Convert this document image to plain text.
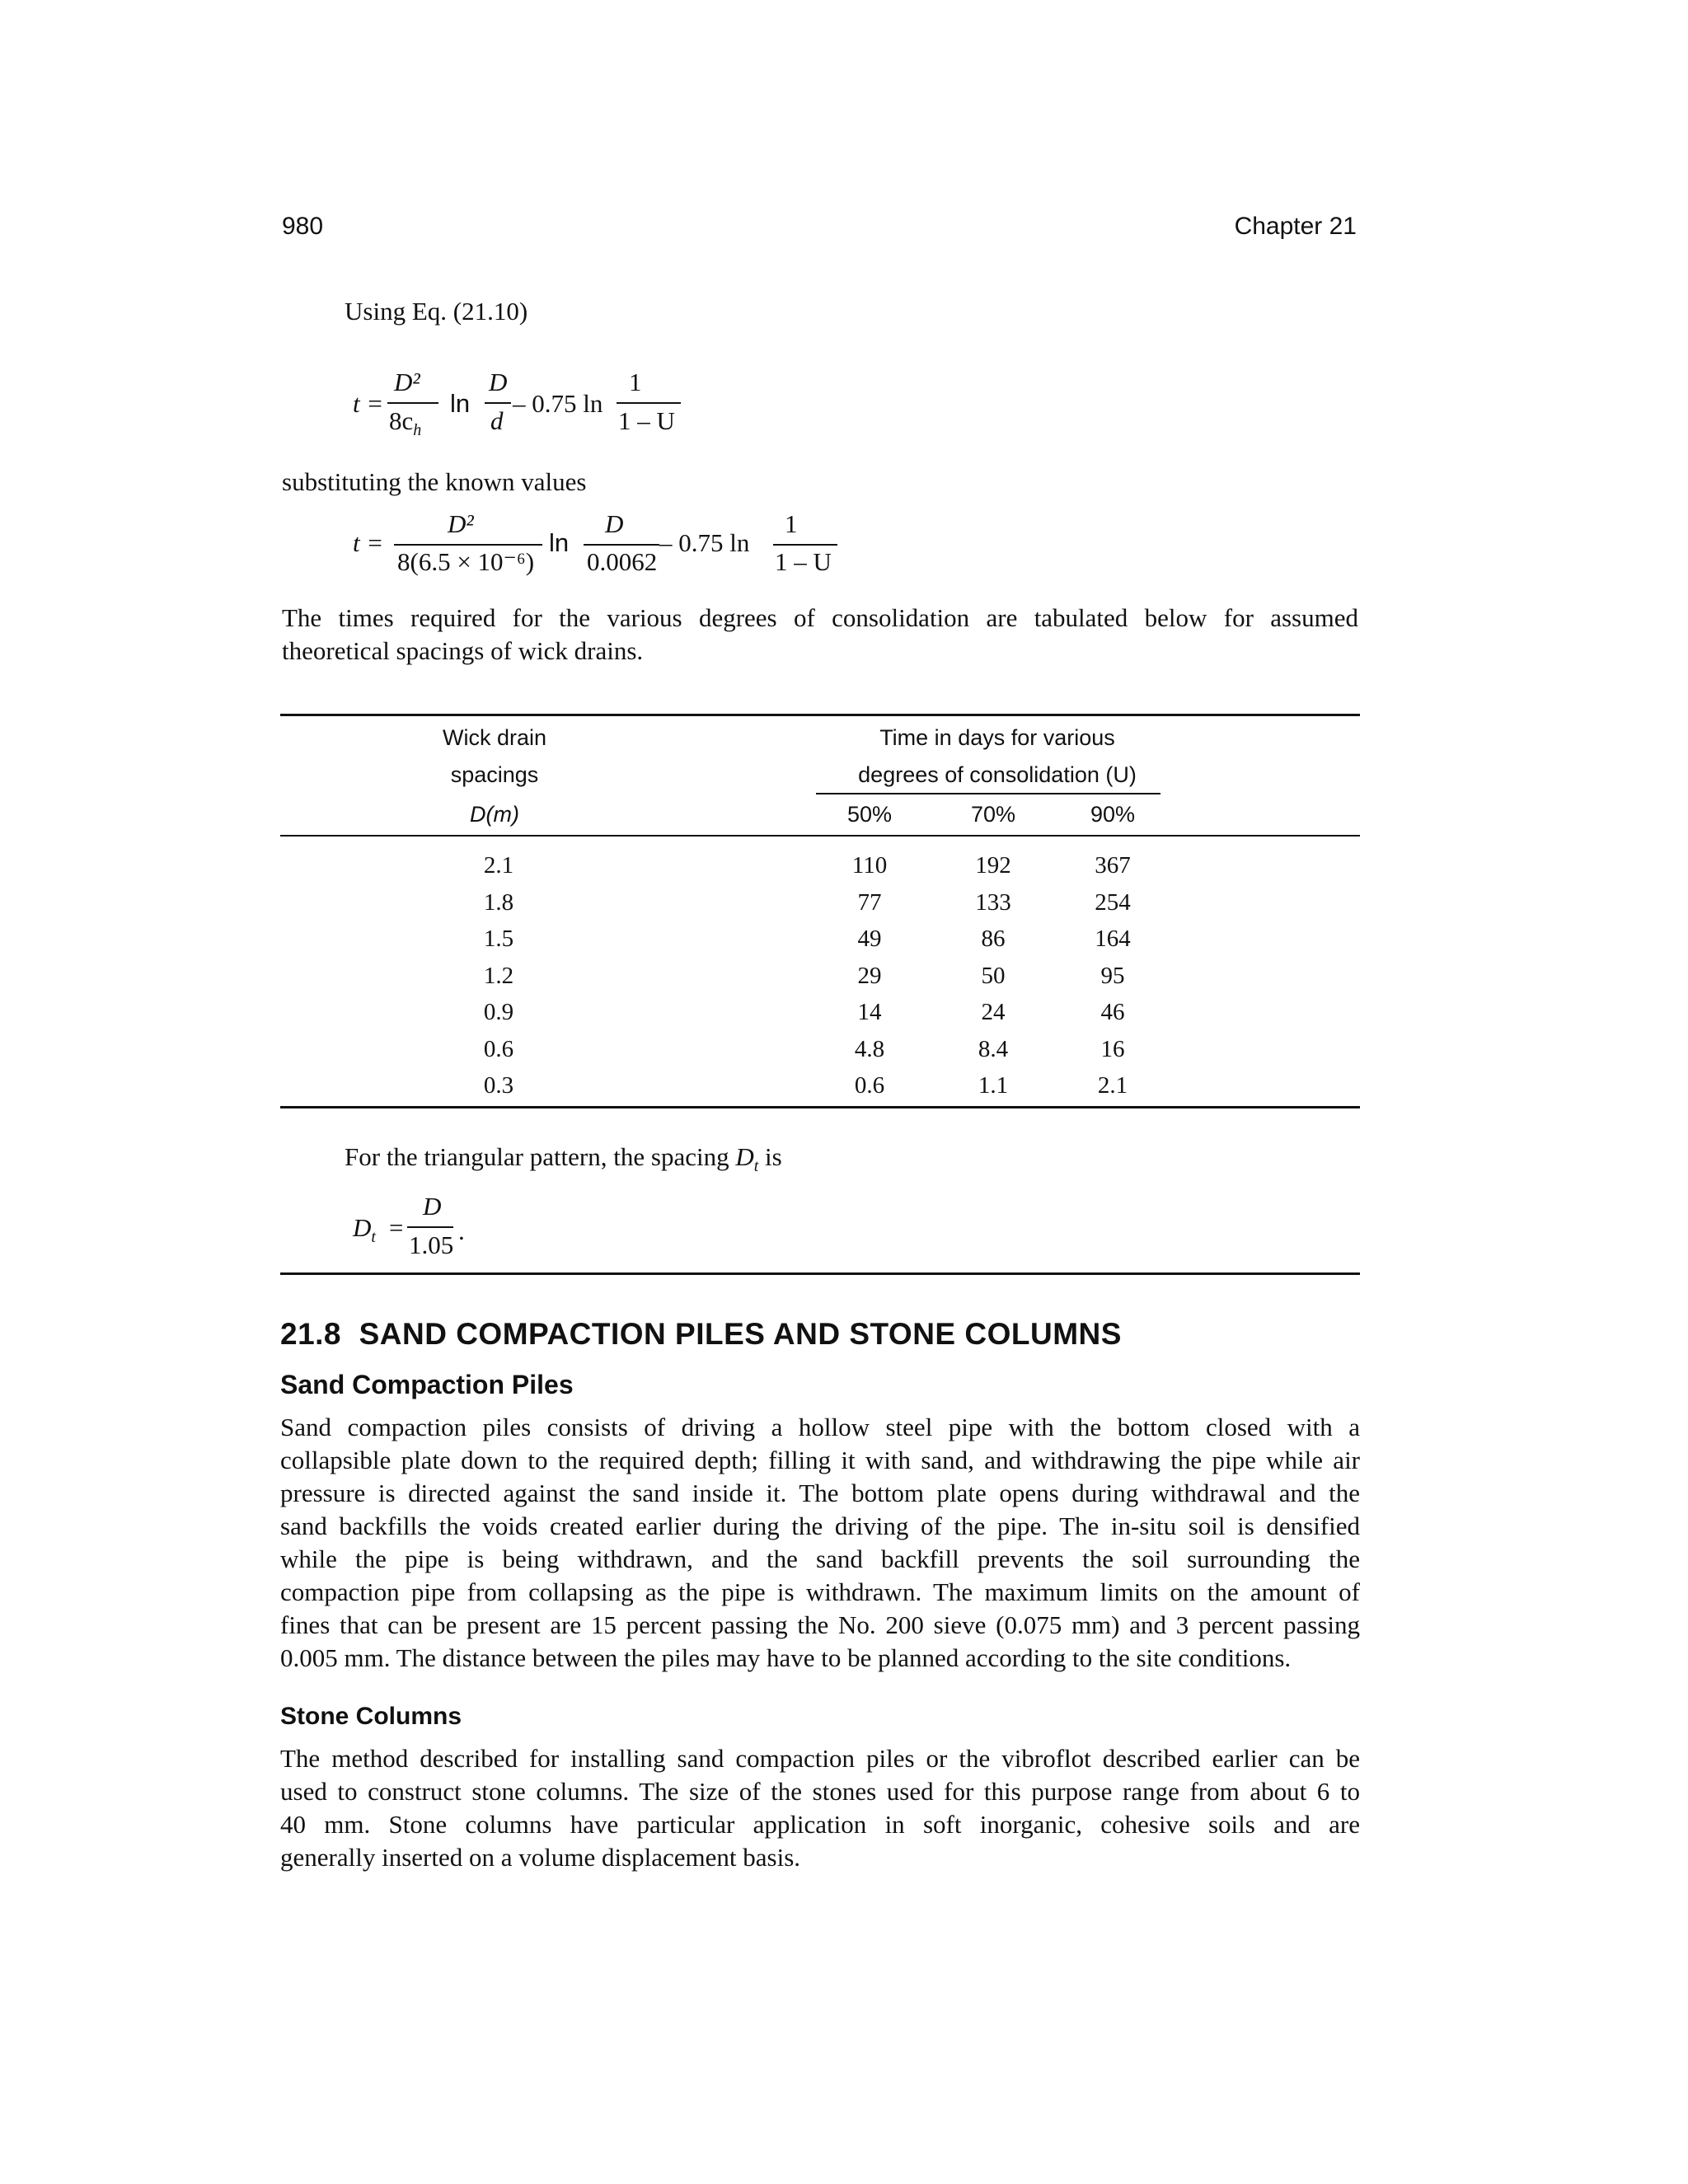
980	Chapter 21
Using Eq. (21.10)
t =
D²
$8c_h$
ln
D
d
– 0.75 ln
1
1 – U
substituting the known values
t =
D²
8(6.5 × 10⁻⁶)
ln
D
0.0062
– 0.75 ln
1
1 – U
The times required for the various degrees of consolidation are tabulated below for assumed
theoretical spacings of wick drains.
Wick drain
spacings
D(m)
Time in days for various
degrees of consolidation (U)
50%	70%	90%
2.1	110	192	367
1.8	77	133	254
1.5	49	86	164
1.2	29	50	95
0.9	14	24	46
0.6	4.8	8.4	16
0.3	0.6	1.1	2.1
For the triangular pattern, the spacing $D_t$ is
$D_t$ =
D
1.05 .
21.8 SAND COMPACTION PILES AND STONE COLUMNS
Sand Compaction Piles

Sand compaction piles consists of driving a hollow steel pipe with the bottom closed with a

collapsible plate down to the required depth; filling it with sand, and withdrawing the pipe while air

pressure is directed against the sand inside it. The bottom plate opens during withdrawal and the

sand backfills the voids created earlier during the driving of the pipe. The in-situ soil is densified

while the pipe is being withdrawn, and the sand backfill prevents the soil surrounding the

compaction pipe from collapsing as the pipe is withdrawn. The maximum limits on the amount of

fines that can be present are 15 percent passing the No. 200 sieve (0.075 mm) and 3 percent passing

0.005 mm. The distance between the piles may have to be planned according to the site conditions.

Stone Columns

The method described for installing sand compaction piles or the vibroflot described earlier can be

used to construct stone columns. The size of the stones used for this purpose range from about 6 to

40 mm. Stone columns have particular application in soft inorganic, cohesive soils and are

generally inserted on a volume displacement basis.
